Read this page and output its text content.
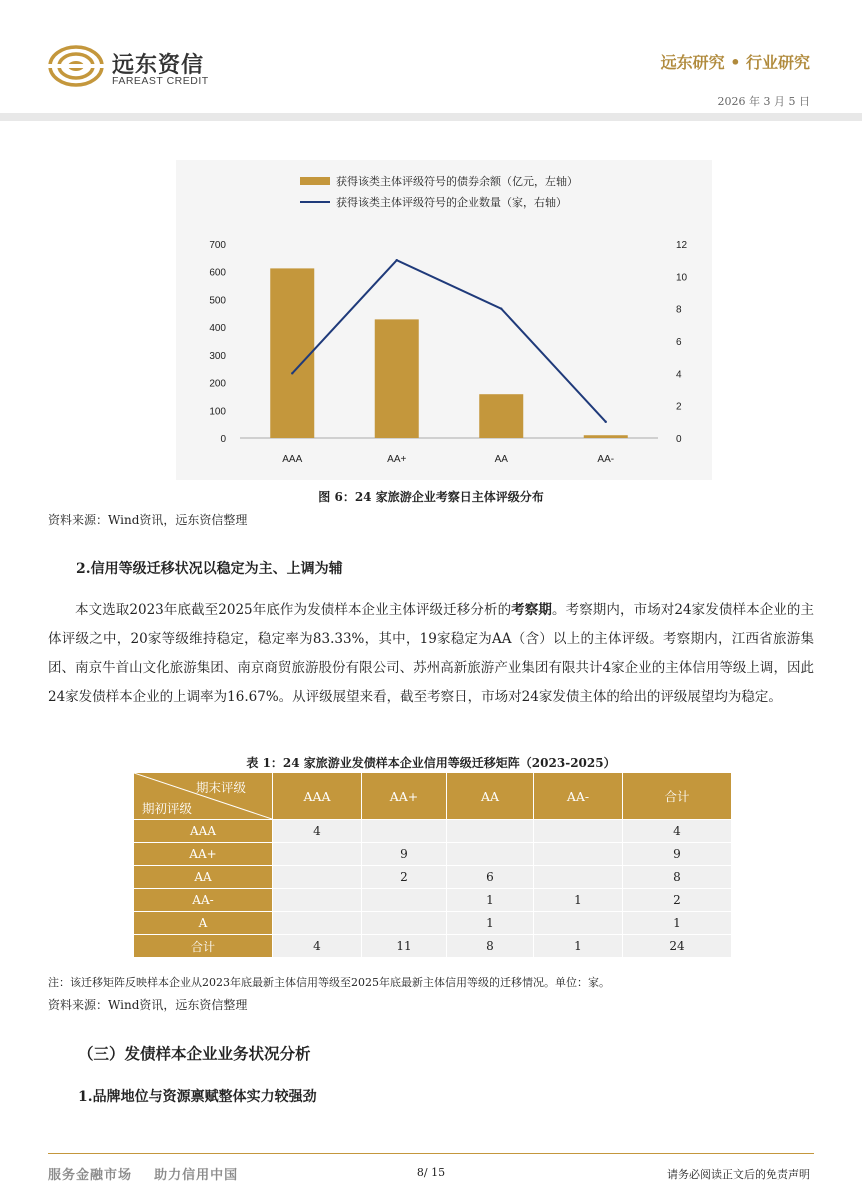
远东资信
FAREAST CREDIT
远东研究 • 行业研究
2026 年 3 月 5 日
获得该类主体评级符号的债券余额（亿元，左轴）
获得该类主体评级符号的企业数量（家，右轴）
0
100
200
300
400
500
600
700
0
2
4
6
8
10
12
AAA	AA+	AA	AA-
图 6：24 家旅游企业考察日主体评级分布
资料来源：Wind资讯，远东资信整理
2.信用等级迁移状况以稳定为主、上调为辅
本文选取2023年底截至2025年底作为发债样本企业主体评级迁移分析的考察期。考察期内，市场对24家发债样本企业的主体评级之中，20家等级维持稳定，稳定率为83.33%，其中，19家稳定为AA（含）以上的主体评级。考察期内，江西省旅游集团、南京牛首山文化旅游集团、南京商贸旅游股份有限公司、苏州高新旅游产业集团有限共计4家企业的主体信用等级上调，因此24家发债样本企业的上调率为16.67%。从评级展望来看，截至考察日，市场对24家发债主体的给出的评级展望均为稳定。
表 1：24 家旅游业发债样本企业信用等级迁移矩阵（2023-2025）
期末评级
期初评级	AAA	AA+	AA	AA-	合计
AAA	4				4
AA+		9			9
AA		2	6		8
AA-			1	1	2
A			1		1
合计	4	11	8	1	24
注：该迁移矩阵反映样本企业从2023年底最新主体信用等级至2025年底最新主体信用等级的迁移情况。单位：家。
资料来源：Wind资讯，远东资信整理
（三）发债样本企业业务状况分析
1.品牌地位与资源禀赋整体实力较强劲
服务金融市场    助力信用中国	8/ 15	请务必阅读正文后的免责声明
